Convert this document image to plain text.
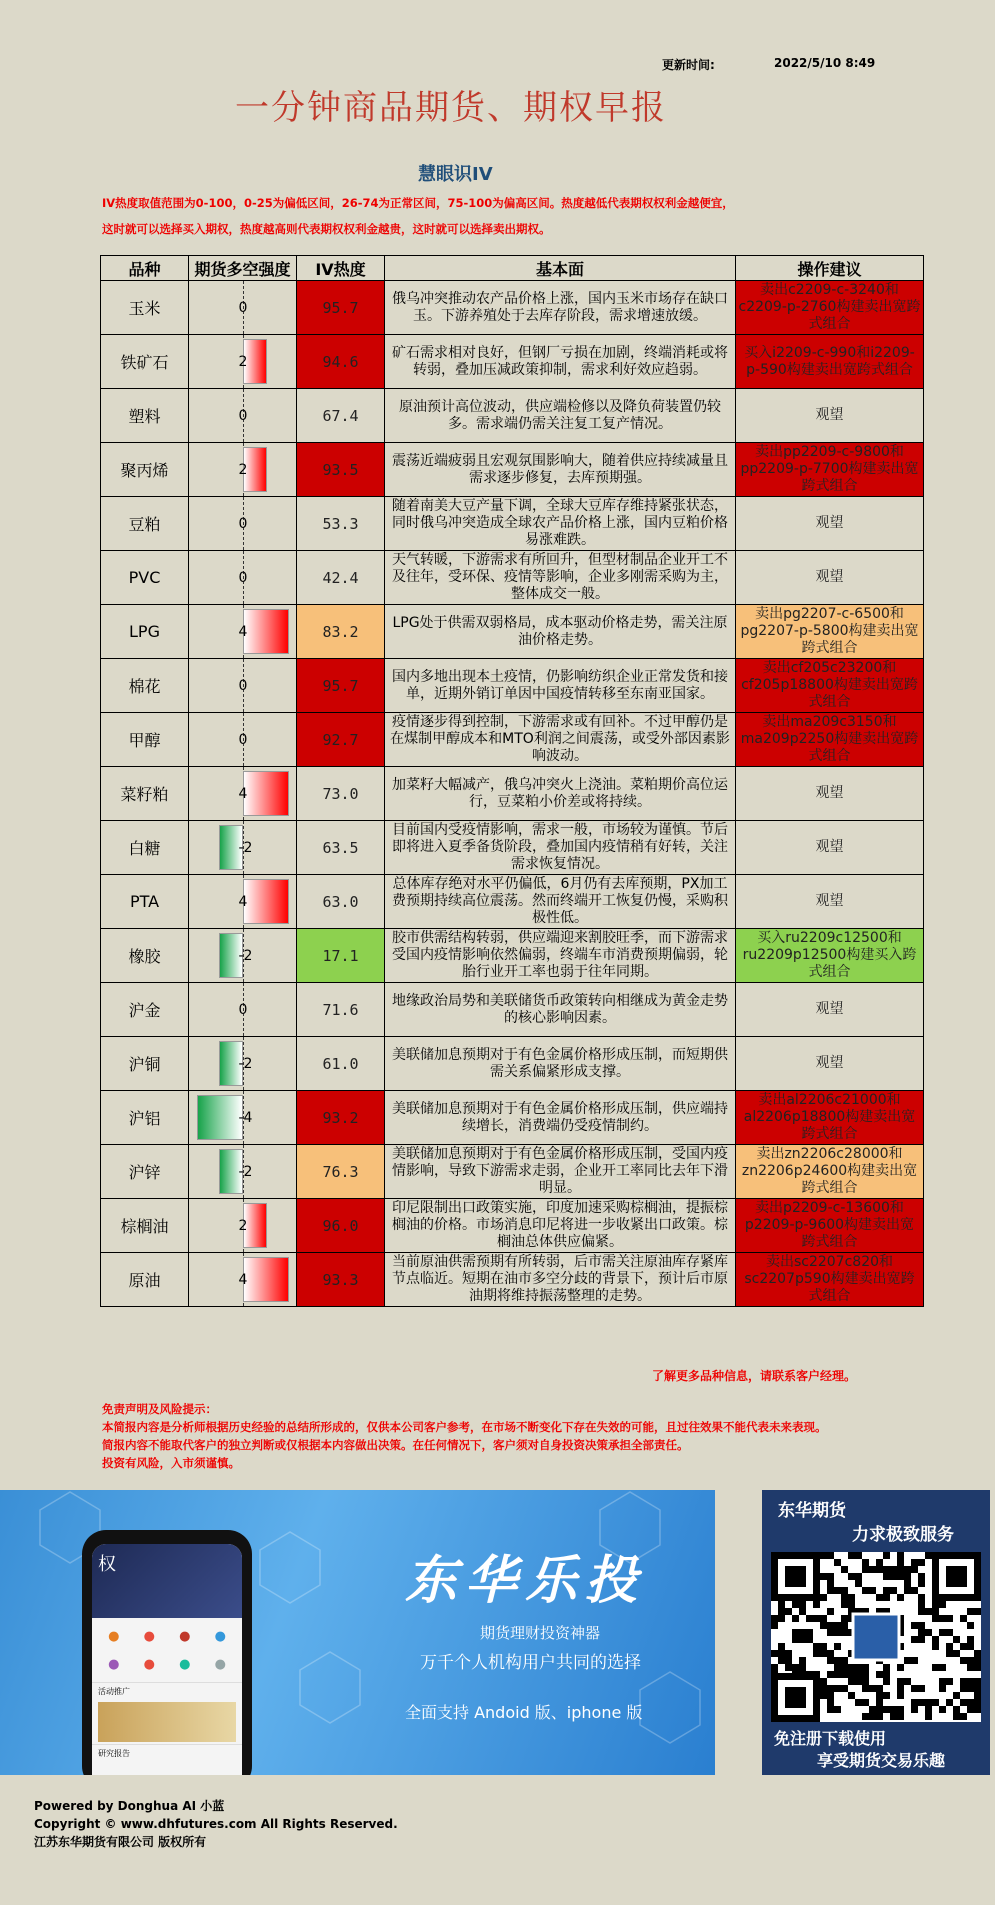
更新时间:	2022/5/10 8:49
一分钟商品期货、期权早报
慧眼识IV
IV热度取值范围为0-100，0-25为偏低区间，26-74为正常区间，75-100为偏高区间。热度越低代表期权权利金越便宜，
这时就可以选择买入期权，热度越高则代表期权权利金越贵，这时就可以选择卖出期权。
品种	期货多空强度	IV热度	基本面	操作建议
玉米	0	95.7	俄乌冲突推动农产品价格上涨，国内玉米市场存在缺口玉。下游养殖处于去库存阶段，需求增速放缓。	卖出c2209-c-3240和c2209-p-2760构建卖出宽跨式组合
铁矿石	2	94.6	矿石需求相对良好，但钢厂亏损在加剧，终端消耗或将转弱，叠加压减政策抑制，需求利好效应趋弱。	买入i2209-c-990和i2209-p-590构建卖出宽跨式组合
塑料	0	67.4	原油预计高位波动，供应端检修以及降负荷装置仍较多。需求端仍需关注复工复产情况。	观望
聚丙烯	2	93.5	震荡近端疲弱且宏观氛围影响大，随着供应持续减量且需求逐步修复，去库预期强。	卖出pp2209-c-9800和pp2209-p-7700构建卖出宽跨式组合
豆粕	0	53.3	随着南美大豆产量下调，全球大豆库存维持紧张状态，同时俄乌冲突造成全球农产品价格上涨，国内豆粕价格易涨难跌。	观望
PVC	0	42.4	天气转暖，下游需求有所回升，但型材制品企业开工不及往年，受环保、疫情等影响，企业多刚需采购为主，整体成交一般。	观望
LPG	4	83.2	LPG处于供需双弱格局，成本驱动价格走势，需关注原油价格走势。	卖出pg2207-c-6500和pg2207-p-5800构建卖出宽跨式组合
棉花	0	95.7	国内多地出现本土疫情，仍影响纺织企业正常发货和接单，近期外销订单因中国疫情转移至东南亚国家。	卖出cf205c23200和cf205p18800构建卖出宽跨式组合
甲醇	0	92.7	疫情逐步得到控制，下游需求或有回补。不过甲醇仍是在煤制甲醇成本和MTO利润之间震荡，或受外部因素影响波动。	卖出ma209c3150和ma209p2250构建卖出宽跨式组合
菜籽粕	4	73.0	加菜籽大幅减产，俄乌冲突火上浇油。菜粕期价高位运行，豆菜粕小价差或将持续。	观望
白糖	-2	63.5	目前国内受疫情影响，需求一般，市场较为谨慎。节后即将进入夏季备货阶段，叠加国内疫情稍有好转，关注需求恢复情况。	观望
PTA	4	63.0	总体库存绝对水平仍偏低，6月仍有去库预期，PX加工费预期持续高位震荡。然而终端开工恢复仍慢，采购积极性低。	观望
橡胶	-2	17.1	胶市供需结构转弱，供应端迎来割胶旺季，而下游需求受国内疫情影响依然偏弱，终端车市消费预期偏弱，轮胎行业开工率也弱于往年同期。	买入ru2209c12500和ru2209p12500构建买入跨式组合
沪金	0	71.6	地缘政治局势和美联储货币政策转向相继成为黄金走势的核心影响因素。	观望
沪铜	-2	61.0	美联储加息预期对于有色金属价格形成压制，而短期供需关系偏紧形成支撑。	观望
沪铝	-4	93.2	美联储加息预期对于有色金属价格形成压制，供应端持续增长，消费端仍受疫情制约。	卖出al2206c21000和al2206p18800构建卖出宽跨式组合
沪锌	-2	76.3	美联储加息预期对于有色金属价格形成压制，受国内疫情影响，导致下游需求走弱，企业开工率同比去年下滑明显。	卖出zn2206c28000和zn2206p24600构建卖出宽跨式组合
棕榈油	2	96.0	印尼限制出口政策实施，印度加速采购棕榈油，提振棕榈油的价格。市场消息印尼将进一步收紧出口政策。棕榈油总体供应偏紧。	卖出p2209-c-13600和p2209-p-9600构建卖出宽跨式组合
原油	4	93.3	当前原油供需预期有所转弱，后市需关注原油库存紧库节点临近。短期在油市多空分歧的背景下，预计后市原油期将维持振荡整理的走势。	卖出sc2207c820和sc2207p590构建卖出宽跨式组合
了解更多品种信息，请联系客户经理。
免责声明及风险提示：
本简报内容是分析师根据历史经验的总结所形成的，仅供本公司客户参考，在市场不断变化下存在失效的可能，且过往效果不能代表未来表现。
简报内容不能取代客户的独立判断或仅根据本内容做出决策。在任何情况下，客户须对自身投资决策承担全部责任。
投资有风险，入市须谨慎。
权
●	●	●	●
●	●	●	●
活动推广
研究报告
东华乐投
期货理财投资神器
万千个人机构用户共同的选择
全面支持 Andoid 版、iphone 版
东华期货
力求极致服务
免注册下载使用
享受期货交易乐趣
Powered by Donghua AI 小蓝
Copyright © www.dhfutures.com All Rights Reserved.
江苏东华期货有限公司 版权所有
